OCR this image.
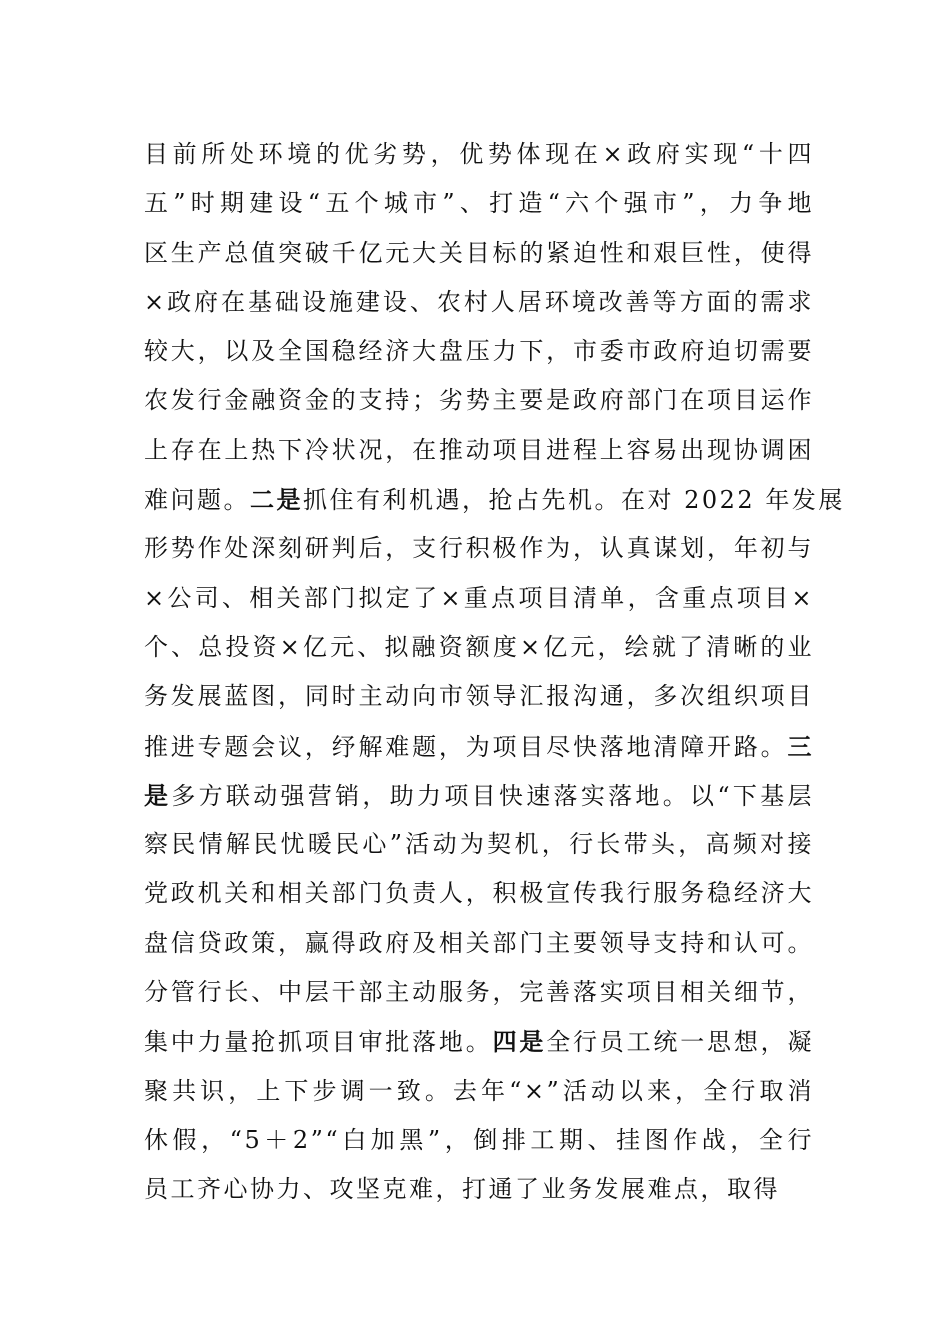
目前所处环境的优劣势，优势体现在×政府实现“十四
五”时期建设“五个城市”、打造“六个强市”，力争地
区生产总值突破千亿元大关目标的紧迫性和艰巨性，使得
×政府在基础设施建设、农村人居环境改善等方面的需求
较大，以及全国稳经济大盘压力下，市委市政府迫切需要
农发行金融资金的支持；劣势主要是政府部门在项目运作
上存在上热下冷状况，在推动项目进程上容易出现协调困
难问题。二是抓住有利机遇，抢占先机。在对 2022 年发展
形势作处深刻研判后，支行积极作为，认真谋划，年初与
×公司、相关部门拟定了×重点项目清单，含重点项目×
个、总投资×亿元、拟融资额度×亿元，绘就了清晰的业
务发展蓝图，同时主动向市领导汇报沟通，多次组织项目
推进专题会议，纾解难题，为项目尽快落地清障开路。三
是多方联动强营销，助力项目快速落实落地。以“下基层
察民情解民忧暖民心”活动为契机，行长带头，高频对接
党政机关和相关部门负责人，积极宣传我行服务稳经济大
盘信贷政策，赢得政府及相关部门主要领导支持和认可。
分管行长、中层干部主动服务，完善落实项目相关细节，
集中力量抢抓项目审批落地。四是全行员工统一思想，凝
聚共识，上下步调一致。去年“×”活动以来，全行取消
休假，“5＋2”“白加黑”，倒排工期、挂图作战，全行
员工齐心协力、攻坚克难，打通了业务发展难点，取得
